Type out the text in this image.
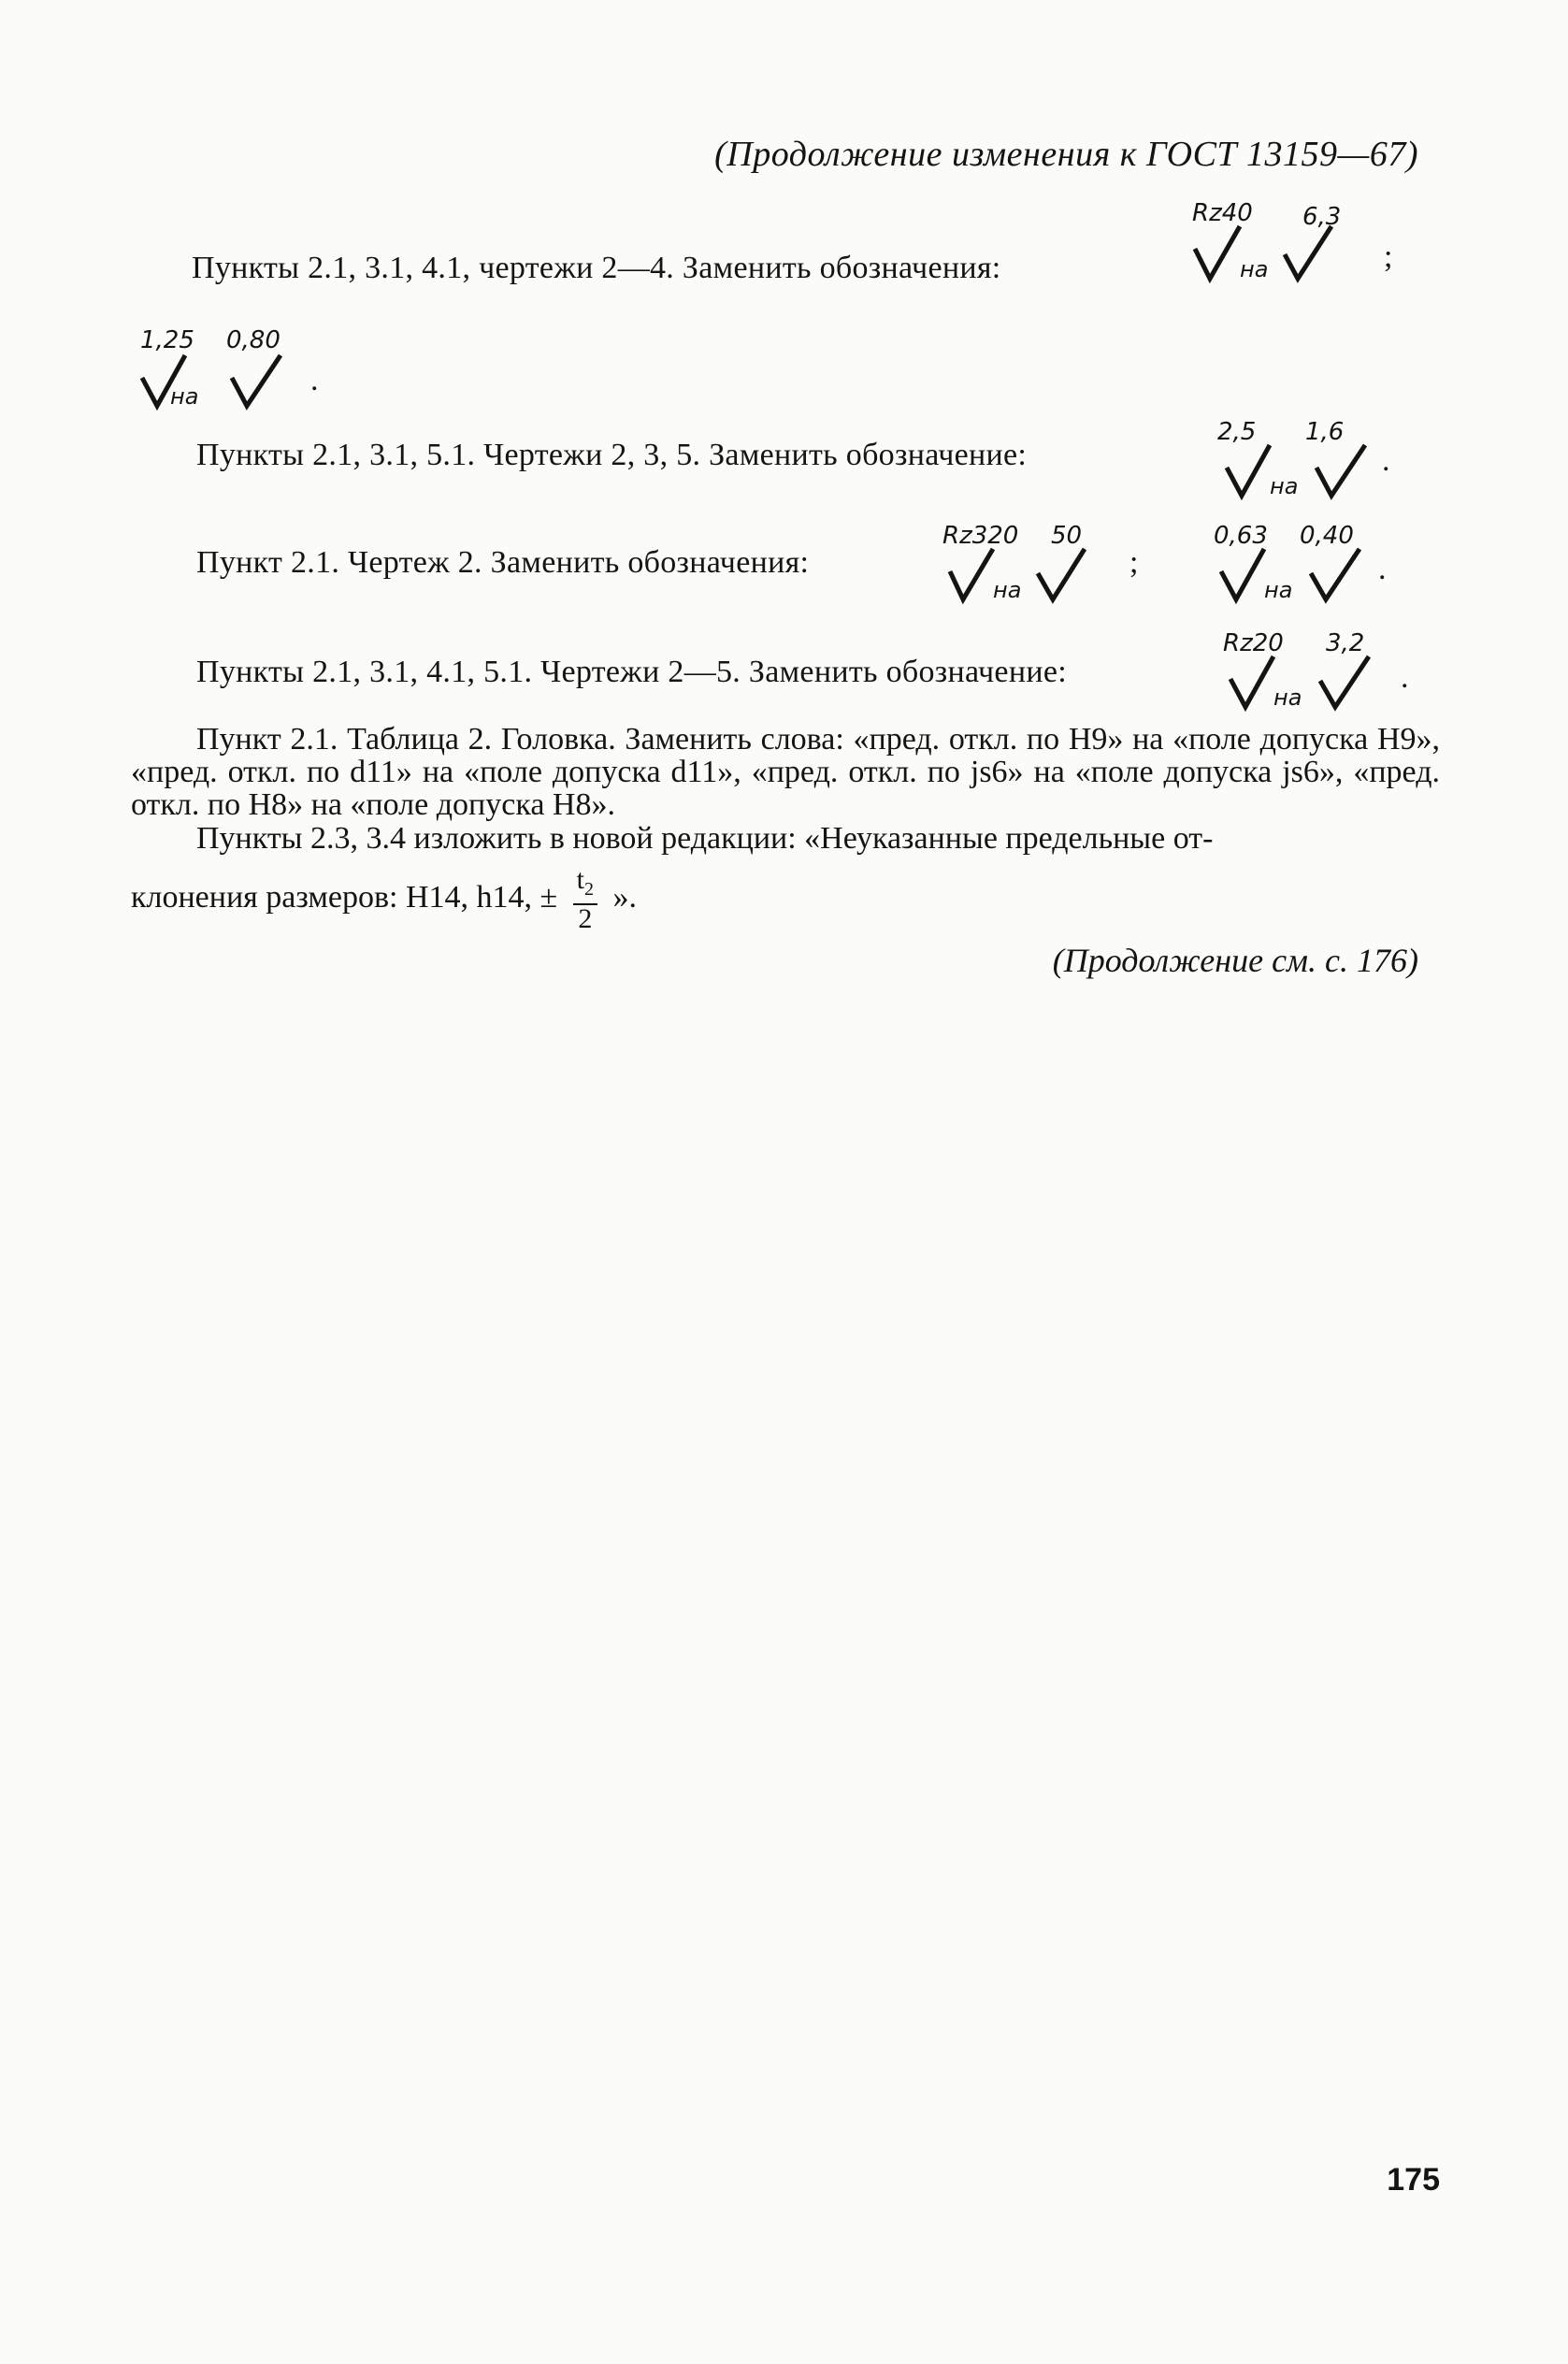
(Продолжение изменения к ГОСТ 13159—67)
Пункты 2.1, 3.1, 4.1, чертежи 2—4. Заменить обозначения:
Rz40 6,3
на	;
1,25 0,80
на	.
Пункты 2.1, 3.1, 5.1. Чертежи 2, 3, 5. Заменить обозначение:
2,5 1,6
на
.
Пункт 2.1. Чертеж 2. Заменить обозначения:
Rz320 50
на
;
0,63 0,40
на
.
Пункты 2.1, 3.1, 4.1, 5.1. Чертежи 2—5. Заменить обозначение:
Rz20 3,2
на
.
Пункт 2.1. Таблица 2. Головка. Заменить слова: «пред. откл. по H9» на «поле допуска H9», «пред. откл. по d11» на «поле допуска d11», «пред. откл. по js6» на «поле допуска js6», «пред. откл. по H8» на «поле допуска H8».
Пункты 2.3, 3.4 изложить в новой редакции: «Неуказанные предельные от-
клонения размеров: H14, h14, ± $\frac{t_2}{2}$ ».
(Продолжение см. с. 176)
175
